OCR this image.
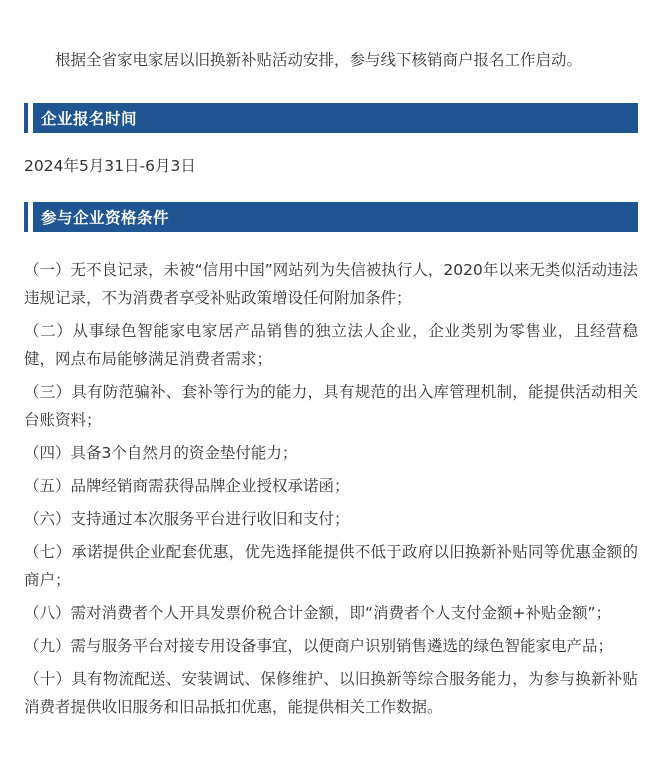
根据全省家电家居以旧换新补贴活动安排，参与线下核销商户报名工作启动。

企业报名时间
2024年5月31日-6月3日
参与企业资格条件
（一）无不良记录，未被“信用中国”网站列为失信被执行人，2020年以来无类似活动违法违规记录，不为消费者享受补贴政策增设任何附加条件；
（二）从事绿色智能家电家居产品销售的独立法人企业，企业类别为零售业，且经营稳健，网点布局能够满足消费者需求；
（三）具有防范骗补、套补等行为的能力，具有规范的出入库管理机制，能提供活动相关台账资料；
（四）具备3个自然月的资金垫付能力；
（五）品牌经销商需获得品牌企业授权承诺函；
（六）支持通过本次服务平台进行收旧和支付；
（七）承诺提供企业配套优惠，优先选择能提供不低于政府以旧换新补贴同等优惠金额的商户；
（八）需对消费者个人开具发票价税合计金额，即“消费者个人支付金额+补贴金额”；
（九）需与服务平台对接专用设备事宜，以便商户识别销售遴选的绿色智能家电产品；
（十）具有物流配送、安装调试、保修维护、以旧换新等综合服务能力，为参与换新补贴消费者提供收旧服务和旧品抵扣优惠，能提供相关工作数据。
